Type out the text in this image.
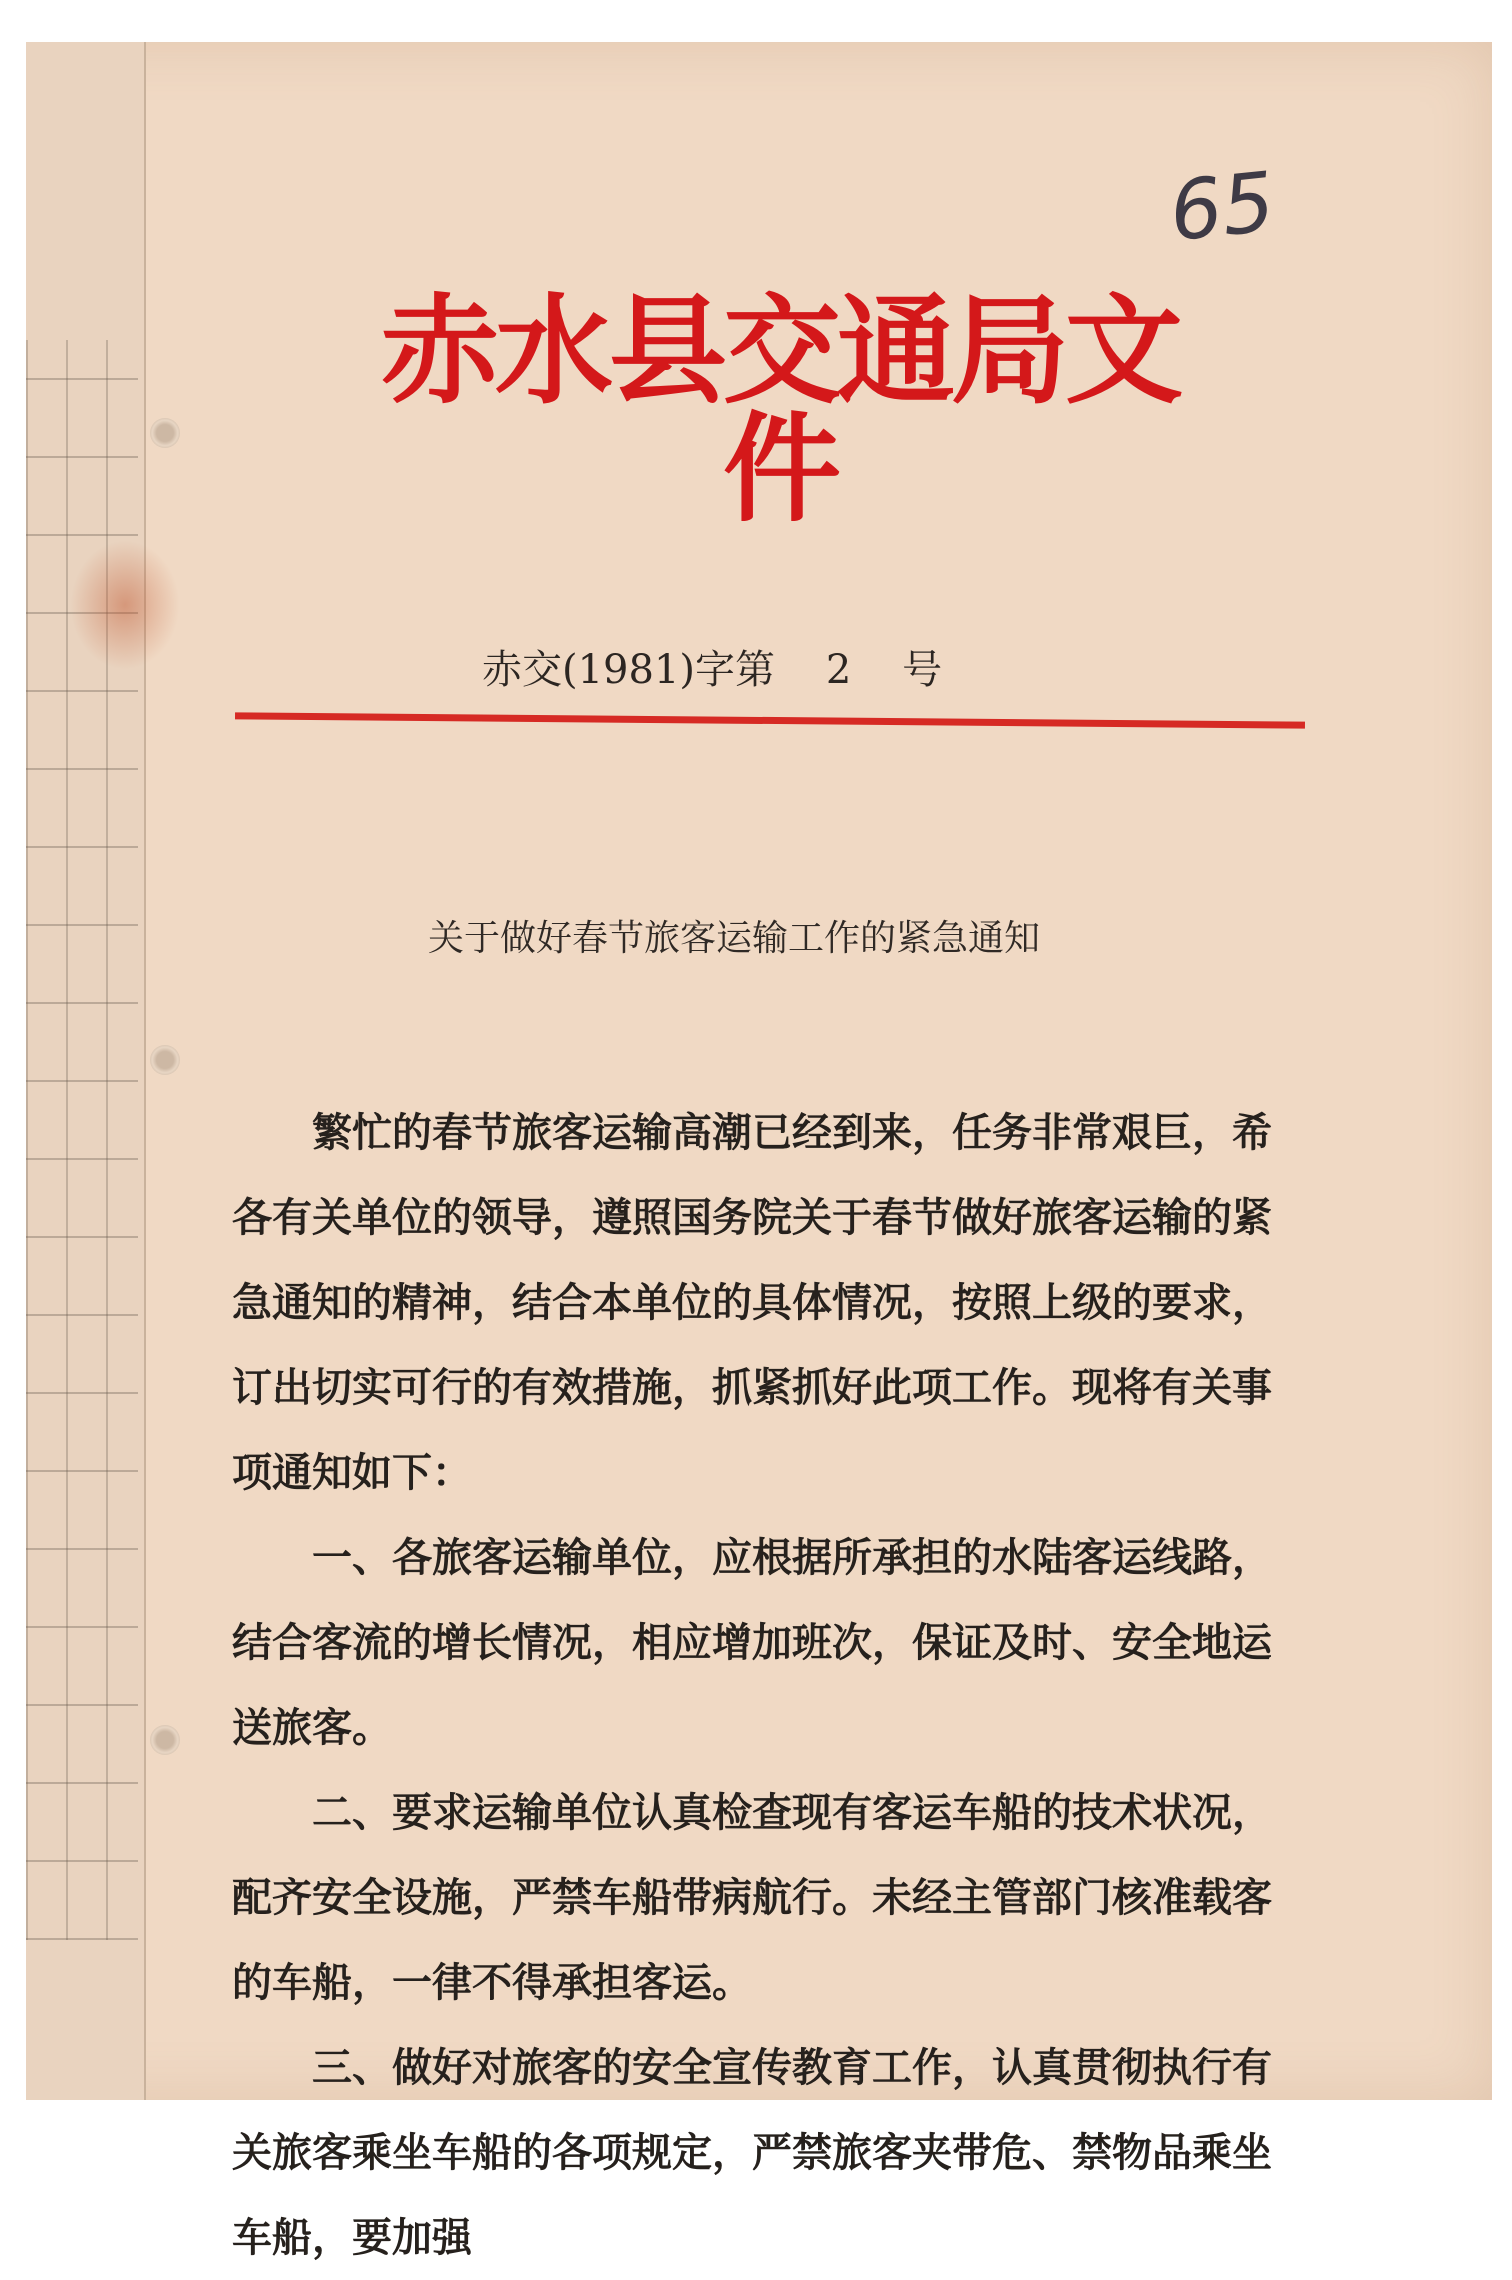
65
赤水县交通局文件
赤交(1981)字第    2    号
关于做好春节旅客运输工作的紧急通知

繁忙的春节旅客运输高潮已经到来，任务非常艰巨，希各有关单位的领导，遵照国务院关于春节做好旅客运输的紧急通知的精神，结合本单位的具体情况，按照上级的要求，订出切实可行的有效措施，抓紧抓好此项工作。现将有关事项通知如下：

一、各旅客运输单位，应根据所承担的水陆客运线路，结合客流的增长情况，相应增加班次，保证及时、安全地运送旅客。

二、要求运输单位认真检查现有客运车船的技术状况，配齐安全设施，严禁车船带病航行。未经主管部门核准载客的车船，一律不得承担客运。

三、做好对旅客的安全宣传教育工作，认真贯彻执行有关旅客乘坐车船的各项规定，严禁旅客夹带危、禁物品乘坐车船，要加强
